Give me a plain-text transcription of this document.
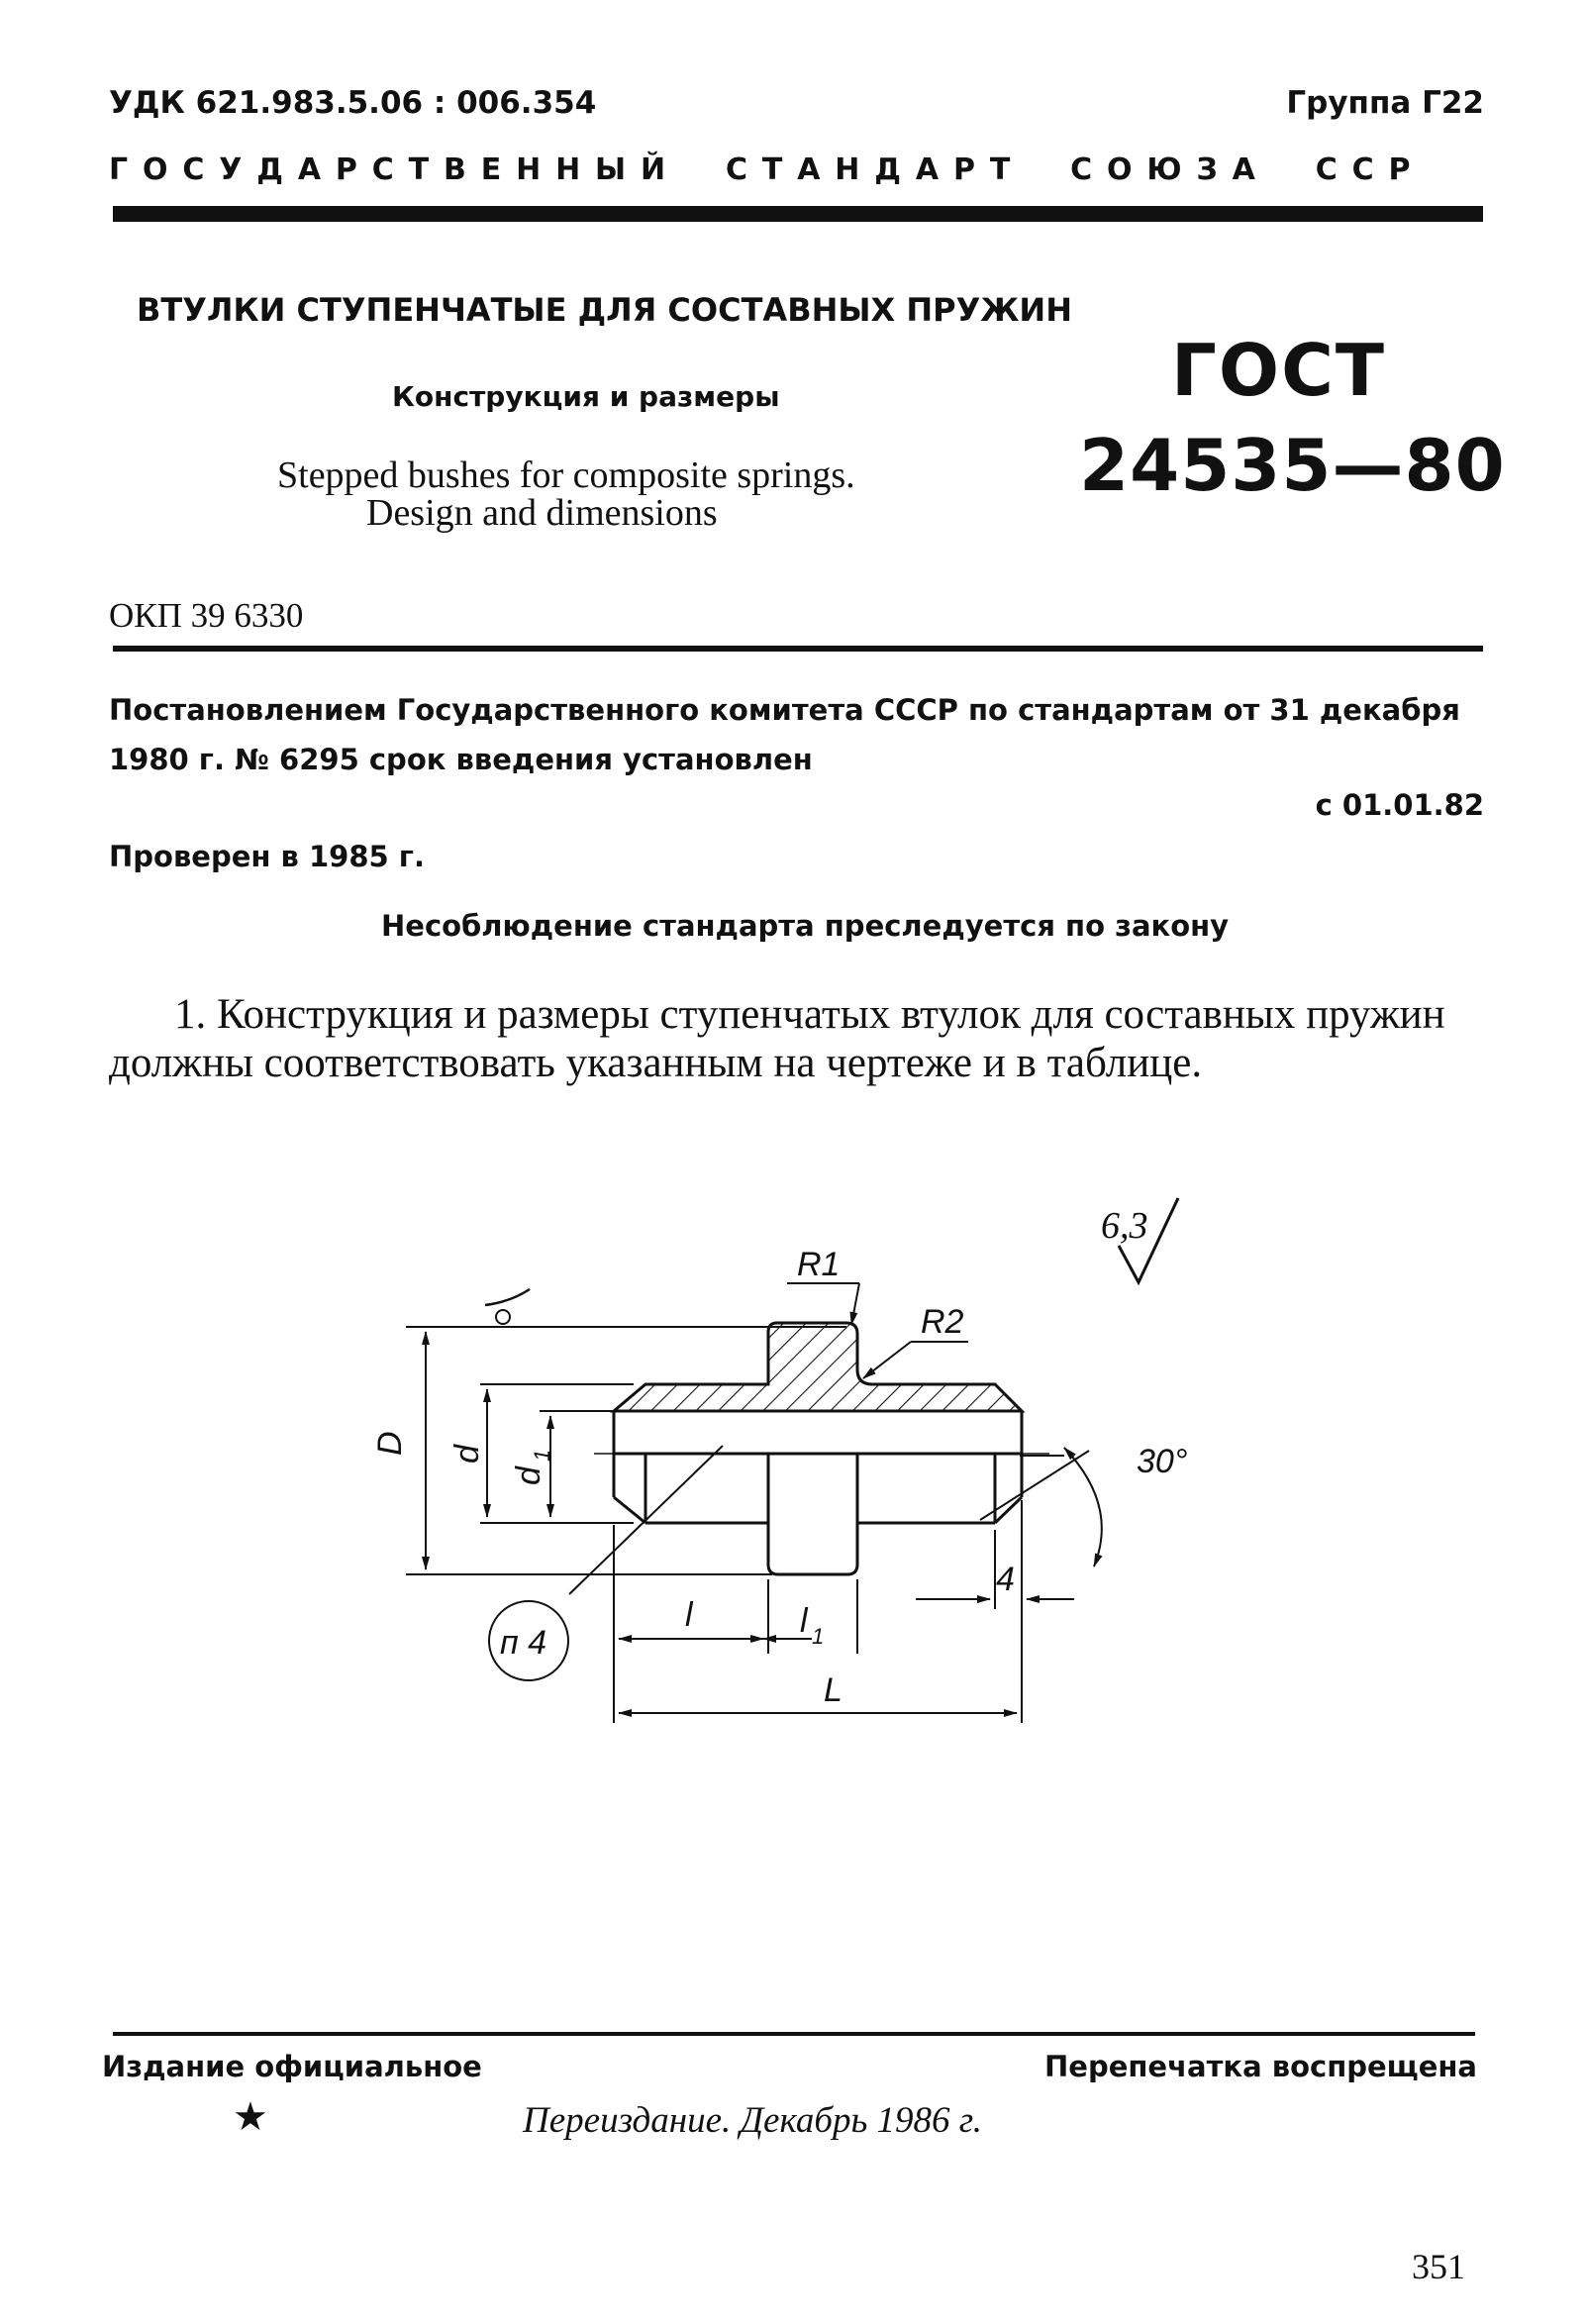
УДК 621.983.5.06 : 006.354	Группа Г22
ГОСУДАРСТВЕННЫЙ СТАНДАРТ СОЮЗА ССР
ВТУЛКИ СТУПЕНЧАТЫЕ ДЛЯ СОСТАВНЫХ ПРУЖИН
Конструкция и размеры
Stepped bushes for composite springs.
Design and dimensions
ГОСТ
24535—80
ОКП 39 6330
Постановлением Государственного комитета СССР по стандартам от 31 декабря
1980 г. № 6295 срок введения установлен
с 01.01.82
Проверен в 1985 г.
Несоблюдение стандарта преследуется по закону
1. Конструкция и размеры ступенчатых втулок для составных пружин должны соответствовать указанным на чертеже и в таблице.
6,3
R1
R2
30°
D d
d
1
l	l 1
L
4
п 4
Издание официальное	Перепечатка воспрещена
★	Переиздание. Декабрь 1986 г.
351
